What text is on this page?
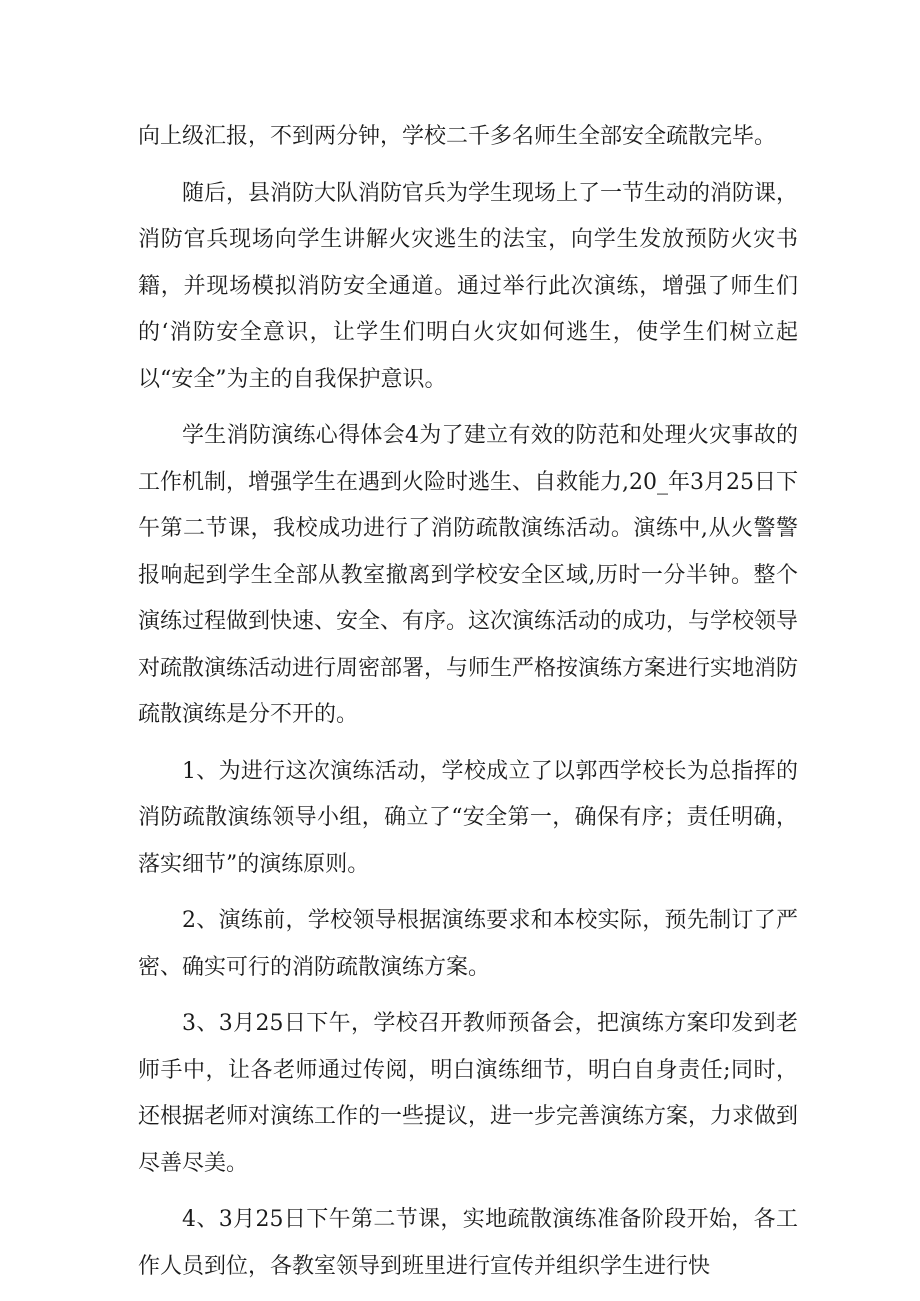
向上级汇报，不到两分钟，学校二千多名师生全部安全疏散完毕。

随后，县消防大队消防官兵为学生现场上了一节生动的消防课，消防官兵现场向学生讲解火灾逃生的法宝，向学生发放预防火灾书籍，并现场模拟消防安全通道。通过举行此次演练，增强了师生们的‘消防安全意识，让学生们明白火灾如何逃生，使学生们树立起以“安全”为主的自我保护意识。

学生消防演练心得体会4为了建立有效的防范和处理火灾事故的工作机制，增强学生在遇到火险时逃生、自救能力,20_年3月25日下午第二节课，我校成功进行了消防疏散演练活动。演练中,从火警警报响起到学生全部从教室撤离到学校安全区域,历时一分半钟。整个演练过程做到快速、安全、有序。这次演练活动的成功，与学校领导对疏散演练活动进行周密部署，与师生严格按演练方案进行实地消防疏散演练是分不开的。

1、为进行这次演练活动，学校成立了以郭西学校长为总指挥的消防疏散演练领导小组，确立了“安全第一，确保有序；责任明确，落实细节”的演练原则。

2、演练前，学校领导根据演练要求和本校实际，预先制订了严密、确实可行的消防疏散演练方案。

3、3月25日下午，学校召开教师预备会，把演练方案印发到老师手中，让各老师通过传阅，明白演练细节，明白自身责任;同时，还根据老师对演练工作的一些提议，进一步完善演练方案，力求做到尽善尽美。

4、3月25日下午第二节课，实地疏散演练准备阶段开始，各工作人员到位，各教室领导到班里进行宣传并组织学生进行快
